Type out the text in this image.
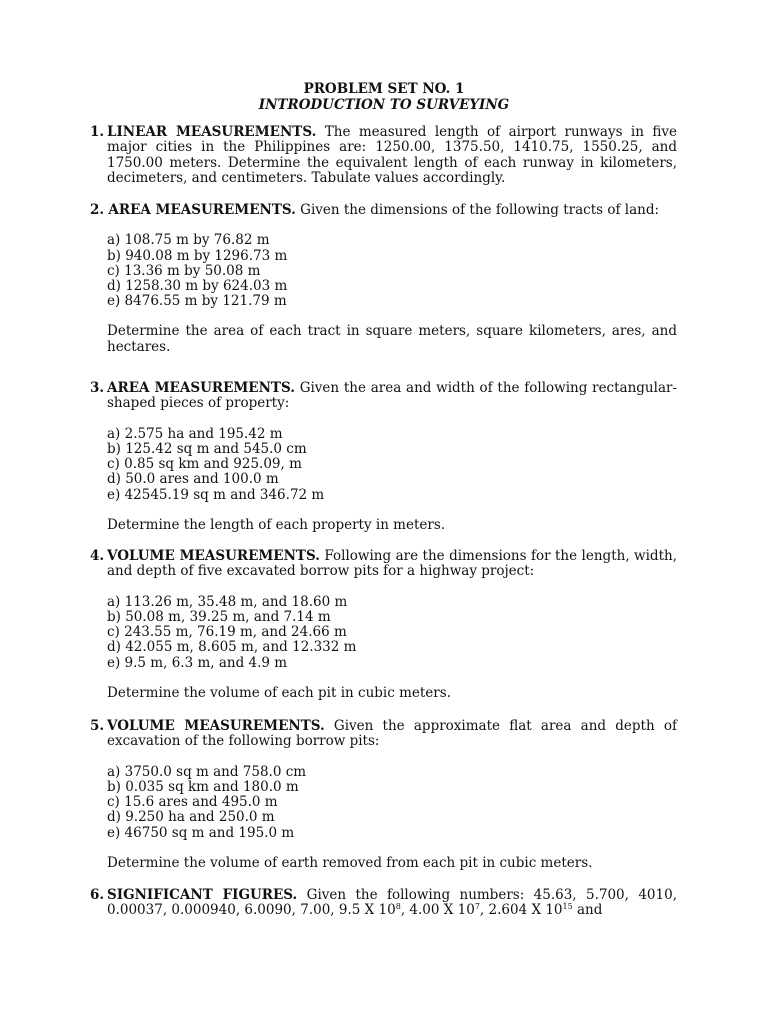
PROBLEM SET NO. 1
INTRODUCTION TO SURVEYING
1. LINEAR MEASUREMENTS. The measured length of airport runways in five major cities in the Philippines are: 1250.00, 1375.50, 1410.75, 1550.25, and 1750.00 meters. Determine the equivalent length of each runway in kilometers, decimeters, and centimeters. Tabulate values accordingly.
2. AREA MEASUREMENTS. Given the dimensions of the following tracts of land:
a) 108.75 m by 76.82 m
b) 940.08 m by 1296.73 m
c) 13.36 m by 50.08 m
d) 1258.30 m by 624.03 m
e) 8476.55 m by 121.79 m
Determine the area of each tract in square meters, square kilometers, ares, and hectares.
3. AREA MEASUREMENTS. Given the area and width of the following rectangular-shaped pieces of property:
a) 2.575 ha and 195.42 m
b) 125.42 sq m and 545.0 cm
c) 0.85 sq km and 925.09, m
d) 50.0 ares and 100.0 m
e) 42545.19 sq m and 346.72 m
Determine the length of each property in meters.
4. VOLUME MEASUREMENTS. Following are the dimensions for the length, width, and depth of five excavated borrow pits for a highway project:
a) 113.26 m, 35.48 m, and 18.60 m
b) 50.08 m, 39.25 m, and 7.14 m
c) 243.55 m, 76.19 m, and 24.66 m
d) 42.055 m, 8.605 m, and 12.332 m
e) 9.5 m, 6.3 m, and 4.9 m
Determine the volume of each pit in cubic meters.
5. VOLUME MEASUREMENTS. Given the approximate flat area and depth of excavation of the following borrow pits:
a) 3750.0 sq m and 758.0 cm
b) 0.035 sq km and 180.0 m
c) 15.6 ares and 495.0 m
d) 9.250 ha and 250.0 m
e) 46750 sq m and 195.0 m
Determine the volume of earth removed from each pit in cubic meters.
6. SIGNIFICANT FIGURES. Given the following numbers: 45.63, 5.700, 4010, 0.00037, 0.000940, 6.0090, 7.00, 9.5 X $10^8$, 4.00 X $10^7$, 2.604 X $10^{15}$ and
